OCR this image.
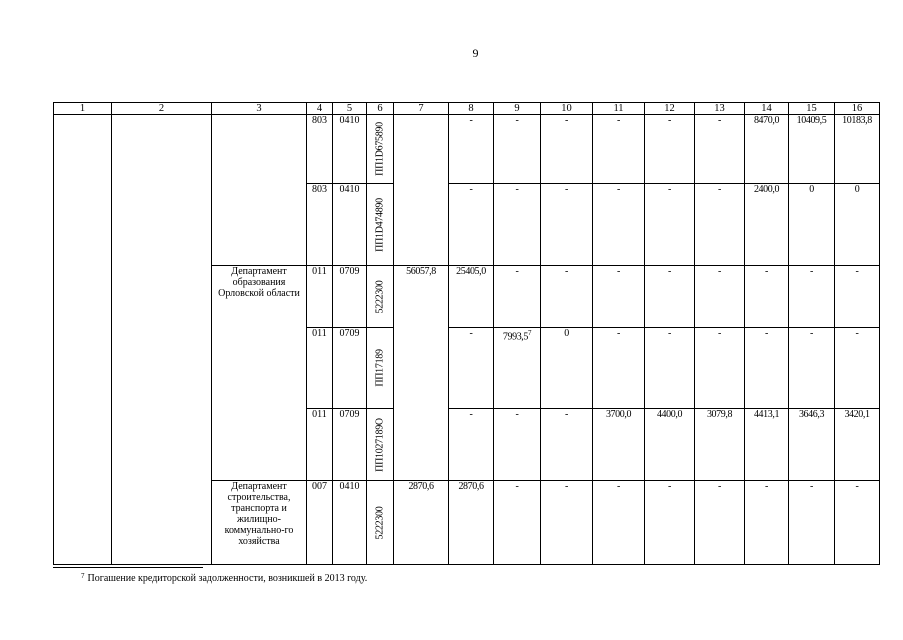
9
1	2	3	4	5	6	7	8	9	10	11	12	13	14	15	16
			803	0410	ПП1D675890		-	-	-	-	-	-	8470,0	10409,5	10183,8
			803	0410	ПП1D474890		-	-	-	-	-	-	2400,0	0	0
		Департамент образования Орловской области	011	0709	5222300	56057,8	25405,0	-	-	-	-	-	-	-	-
			011	0709	ПП17189		-	7993,5$^7$	0	-	-	-	-	-	-
			011	0709	ПП1027189О		-	-	-	3700,0	4400,0	3079,8	4413,1	3646,3	3420,1
		Департамент строительства, транспорта и жилищно-коммунально-го хозяйства	007	0410	5222300	2870,6	2870,6	-	-	-	-	-	-	-	-
$^7$ Погашение кредиторской задолженности, возникшей в 2013 году.
